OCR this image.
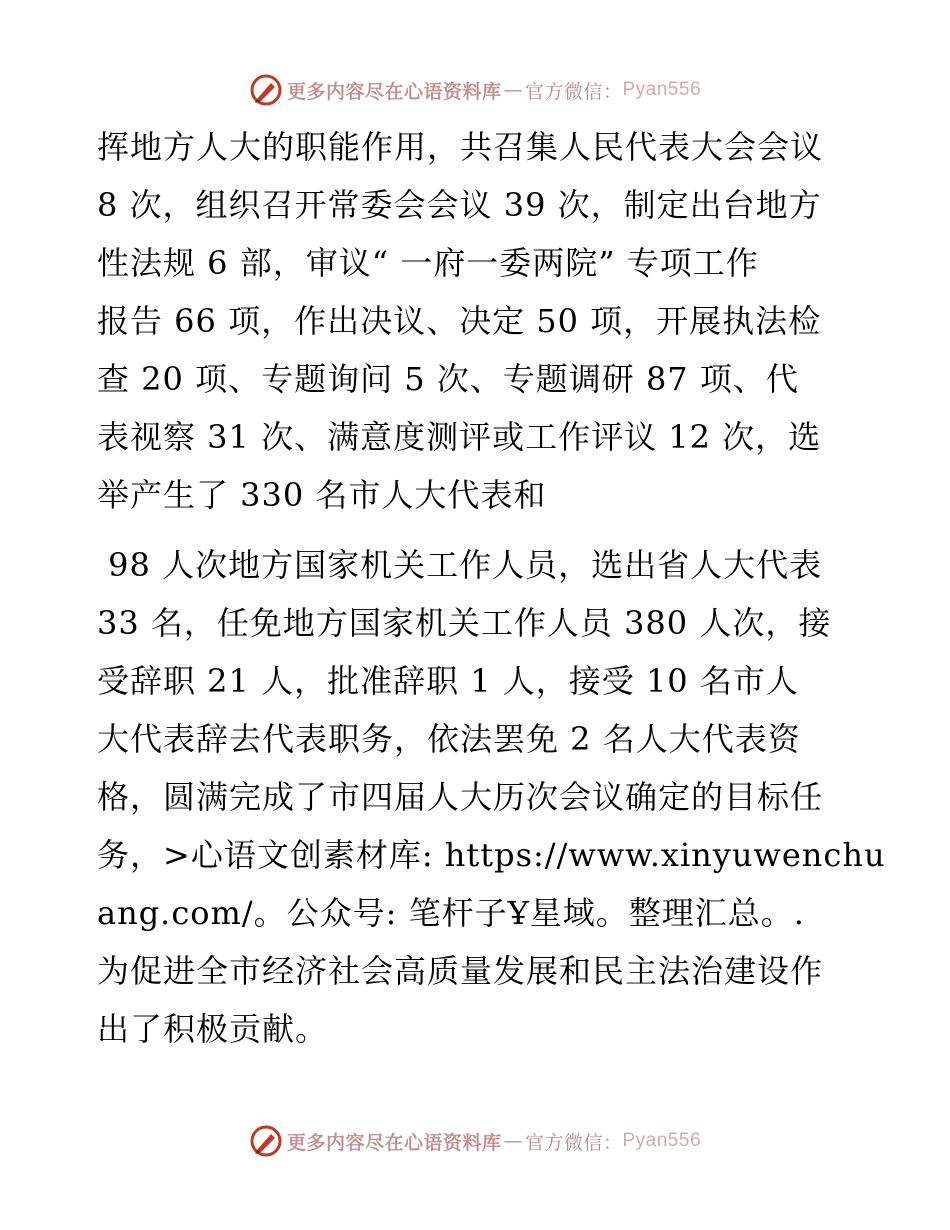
更多内容尽在心语资料库 — 官方微信： Pyan556

挥地方人大的职能作用，共召集人民代表大会会议
8 次，组织召开常委会会议 39 次，制定出台地方
性法规 6 部，审议“ 一府一委两院” 专项工作
报告 66 项，作出决议、决定 50 项，开展执法检
查 20 项、专题询问 5 次、专题调研 87 项、代
表视察 31 次、满意度测评或工作评议 12 次，选
举产生了 330 名市人大代表和

98 人次地方国家机关工作人员，选出省人大代表
33 名，任免地方国家机关工作人员 380 人次，接
受辞职 21 人，批准辞职 1 人，接受 10 名市人
大代表辞去代表职务，依法罢免 2 名人大代表资
格，圆满完成了市四届人大历次会议确定的目标任
务，>心语文创素材库: https://www.xinyuwenchu
ang.com/。公众号: 笔杆子Ұ星域。整理汇总。.
为促进全市经济社会高质量发展和民主法治建设作
出了积极贡献。

更多内容尽在心语资料库 — 官方微信： Pyan556
